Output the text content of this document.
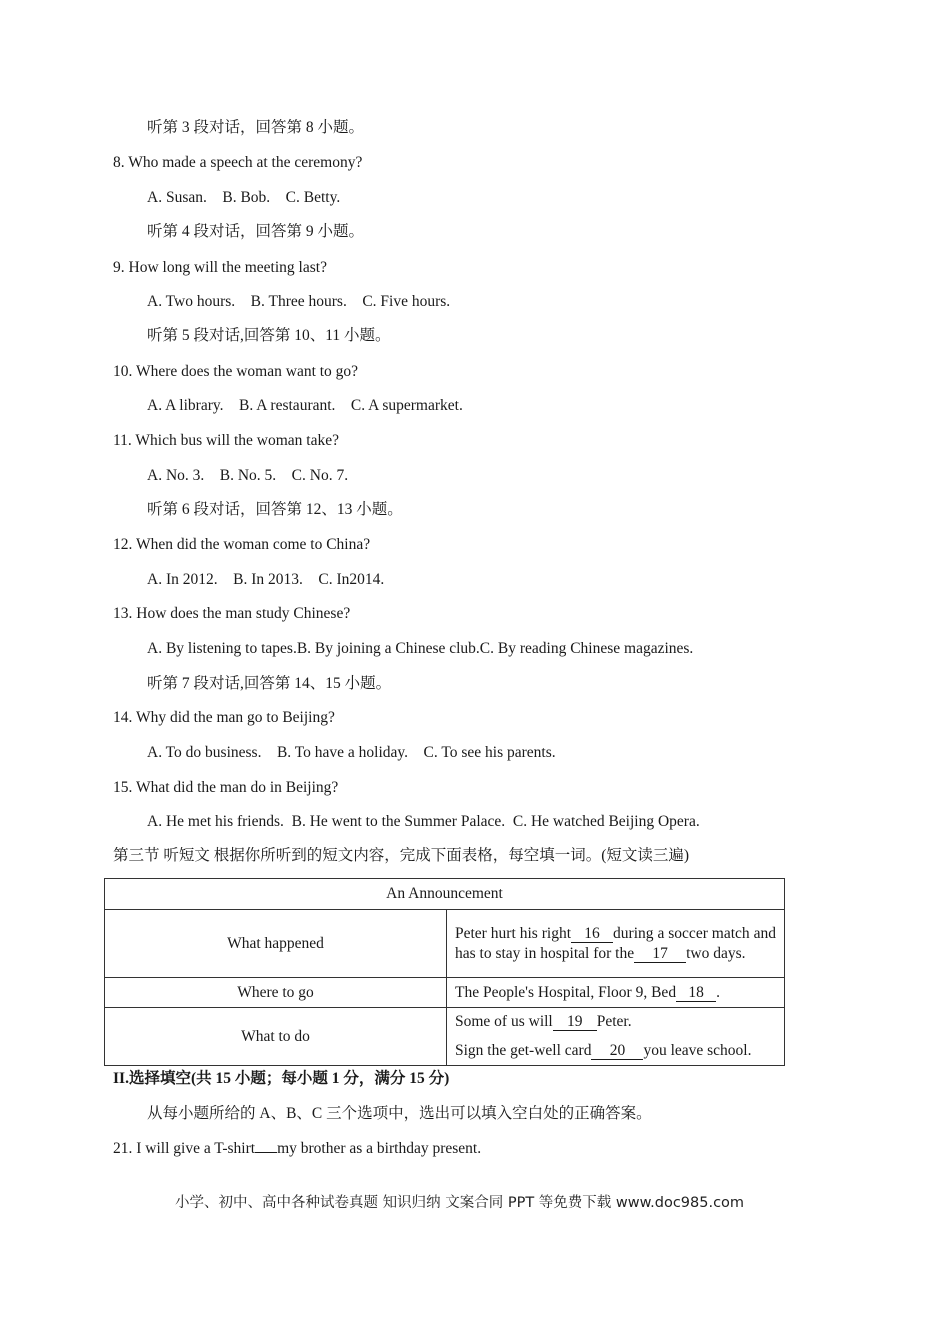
听第 3 段对话，回答第 8 小题。
8. Who made a speech at the ceremony?
A. Susan.    B. Bob.    C. Betty.
听第 4 段对话，回答第 9 小题。
9. How long will the meeting last?
A. Two hours.    B. Three hours.    C. Five hours.
听第 5 段对话,回答第 10、11 小题。
10. Where does the woman want to go?
A. A library.    B. A restaurant.    C. A supermarket.
11. Which bus will the woman take?
A. No. 3.    B. No. 5.    C. No. 7.
听第 6 段对话，回答第 12、13 小题。
12. When did the woman come to China?
A. In 2012.    B. In 2013.    C. In2014.
13. How does the man study Chinese?
A. By listening to tapes.B. By joining a Chinese club.C. By reading Chinese magazines.
听第 7 段对话,回答第 14、15 小题。
14. Why did the man go to Beijing?
A. To do business.    B. To have a holiday.    C. To see his parents.
15. What did the man do in Beijing?
A. He met his friends.  B. He went to the Summer Palace.  C. He watched Beijing Opera.
第三节 听短文 根据你所听到的短文内容，完成下面表格，每空填一词。(短文读三遍)
An Announcement	
What happened	Peter hurt his right 16 during a soccer match and has to stay in hospital for the 17 two days.
Where to go	The People's Hospital, Floor 9, Bed 18 .
What to do	Some of us will 19 Peter.

Sign the get-well card 20 you leave school.

II.选择填空(共 15 小题；每小题 1 分，满分 15 分)
从每小题所给的 A、B、C 三个选项中，选出可以填入空白处的正确答案。
21. I will give a T-shirt my brother as a birthday present.
小学、初中、高中各种试卷真题 知识归纳 文案合同 PPT 等免费下载 www.doc985.com
